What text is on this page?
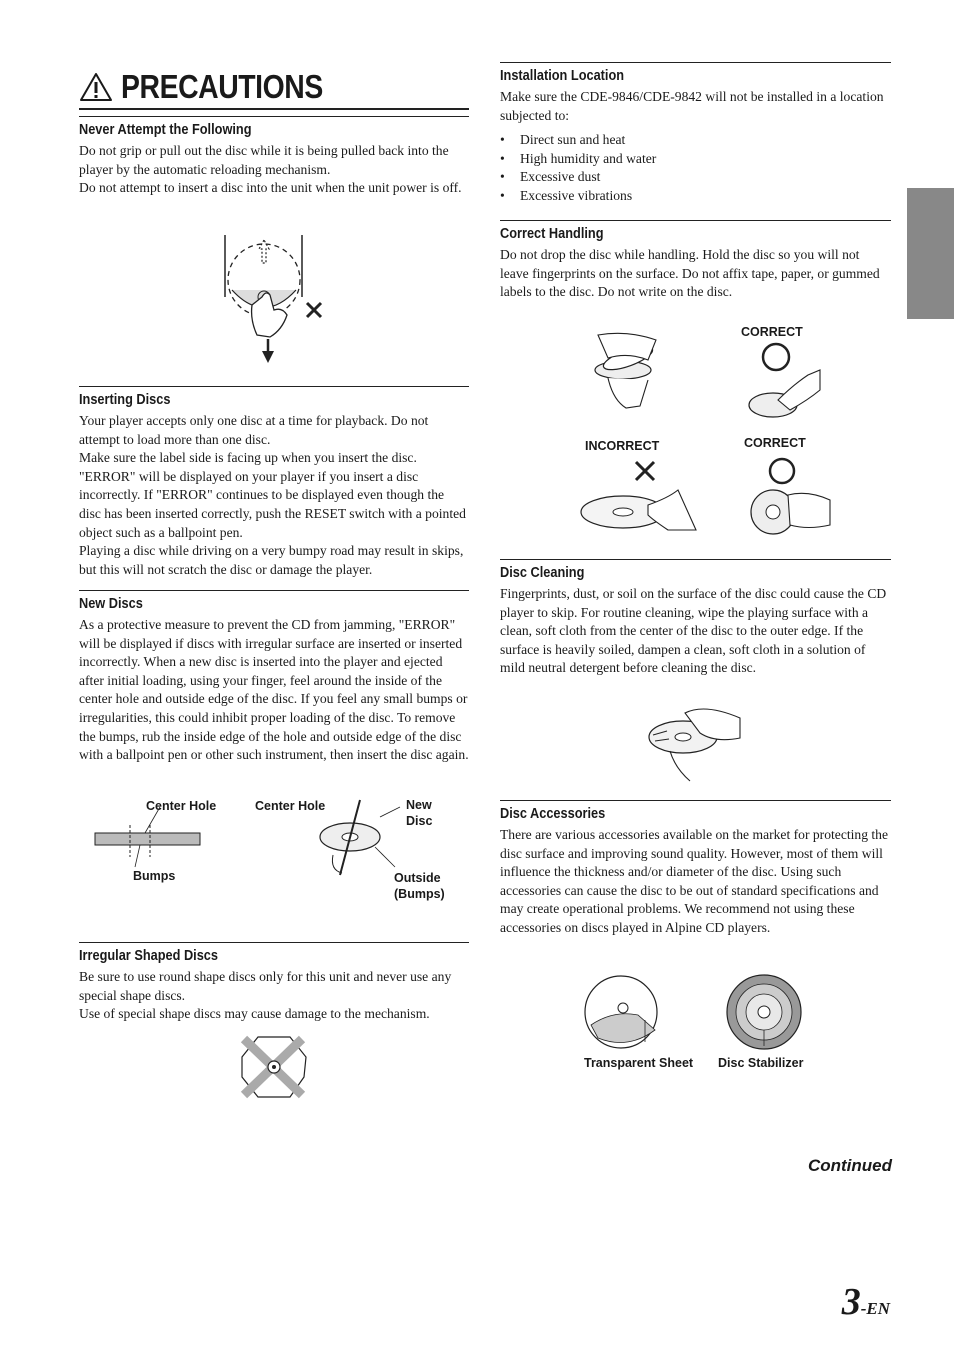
PRECAUTIONS
Never Attempt the Following

Do not grip or pull out the disc while it is being pulled back into the player by the automatic reloading mechanism.
Do not attempt to insert a disc into the unit when the unit power is off.

Inserting Discs

Your player accepts only one disc at a time for playback. Do not attempt to load more than one disc.
Make sure the label side is facing up when you insert the disc. "ERROR" will be displayed on your player if you insert a disc incorrectly. If "ERROR" continues to be displayed even though the disc has been inserted correctly, push the RESET switch with a pointed object such as a ballpoint pen.
Playing a disc while driving on a very bumpy road may result in skips, but this will not scratch the disc or damage the player.

New Discs

As a protective measure to prevent the CD from jamming, "ERROR" will be displayed if discs with irregular surface are inserted or inserted incorrectly. When a new disc is inserted into the player and ejected after initial loading, using your finger, feel around the inside of the center hole and outside edge of the disc. If you feel any small bumps or irregularities, this could inhibit proper loading of the disc. To remove the bumps, rub the inside edge of the hole and outside edge of the disc with a ballpoint pen or other such instrument, then insert the disc again.

Center Hole	Center Hole	New
Disc
Bumps	Outside
(Bumps)
Irregular Shaped Discs

Be sure to use round shape discs only for this unit and never use any special shape discs.
Use of special shape discs may cause damage to the mechanism.

Installation Location

Make sure the CDE-9846/CDE-9842 will not be installed in a location subjected to:

• Direct sun and heat
• High humidity and water
• Excessive dust
• Excessive vibrations
Correct Handling

Do not drop the disc while handling. Hold the disc so you will not leave fingerprints on the surface. Do not affix tape, paper, or gummed labels to the disc. Do not write on the disc.

CORRECT
INCORRECT	CORRECT
Disc Cleaning

Fingerprints, dust, or soil on the surface of the disc could cause the CD player to skip. For routine cleaning, wipe the playing surface with a clean, soft cloth from the center of the disc to the outer edge. If the surface is heavily soiled, dampen a clean, soft cloth in a solution of mild neutral detergent before cleaning the disc.

Disc Accessories

There are various accessories available on the market for protecting the disc surface and improving sound quality. However, most of them will influence the thickness and/or diameter of the disc. Using such accessories can cause the disc to be out of standard specifications and may create operational problems. We recommend not using these accessories on discs played in Alpine CD players.

Transparent Sheet Disc Stabilizer
Continued
3-EN
